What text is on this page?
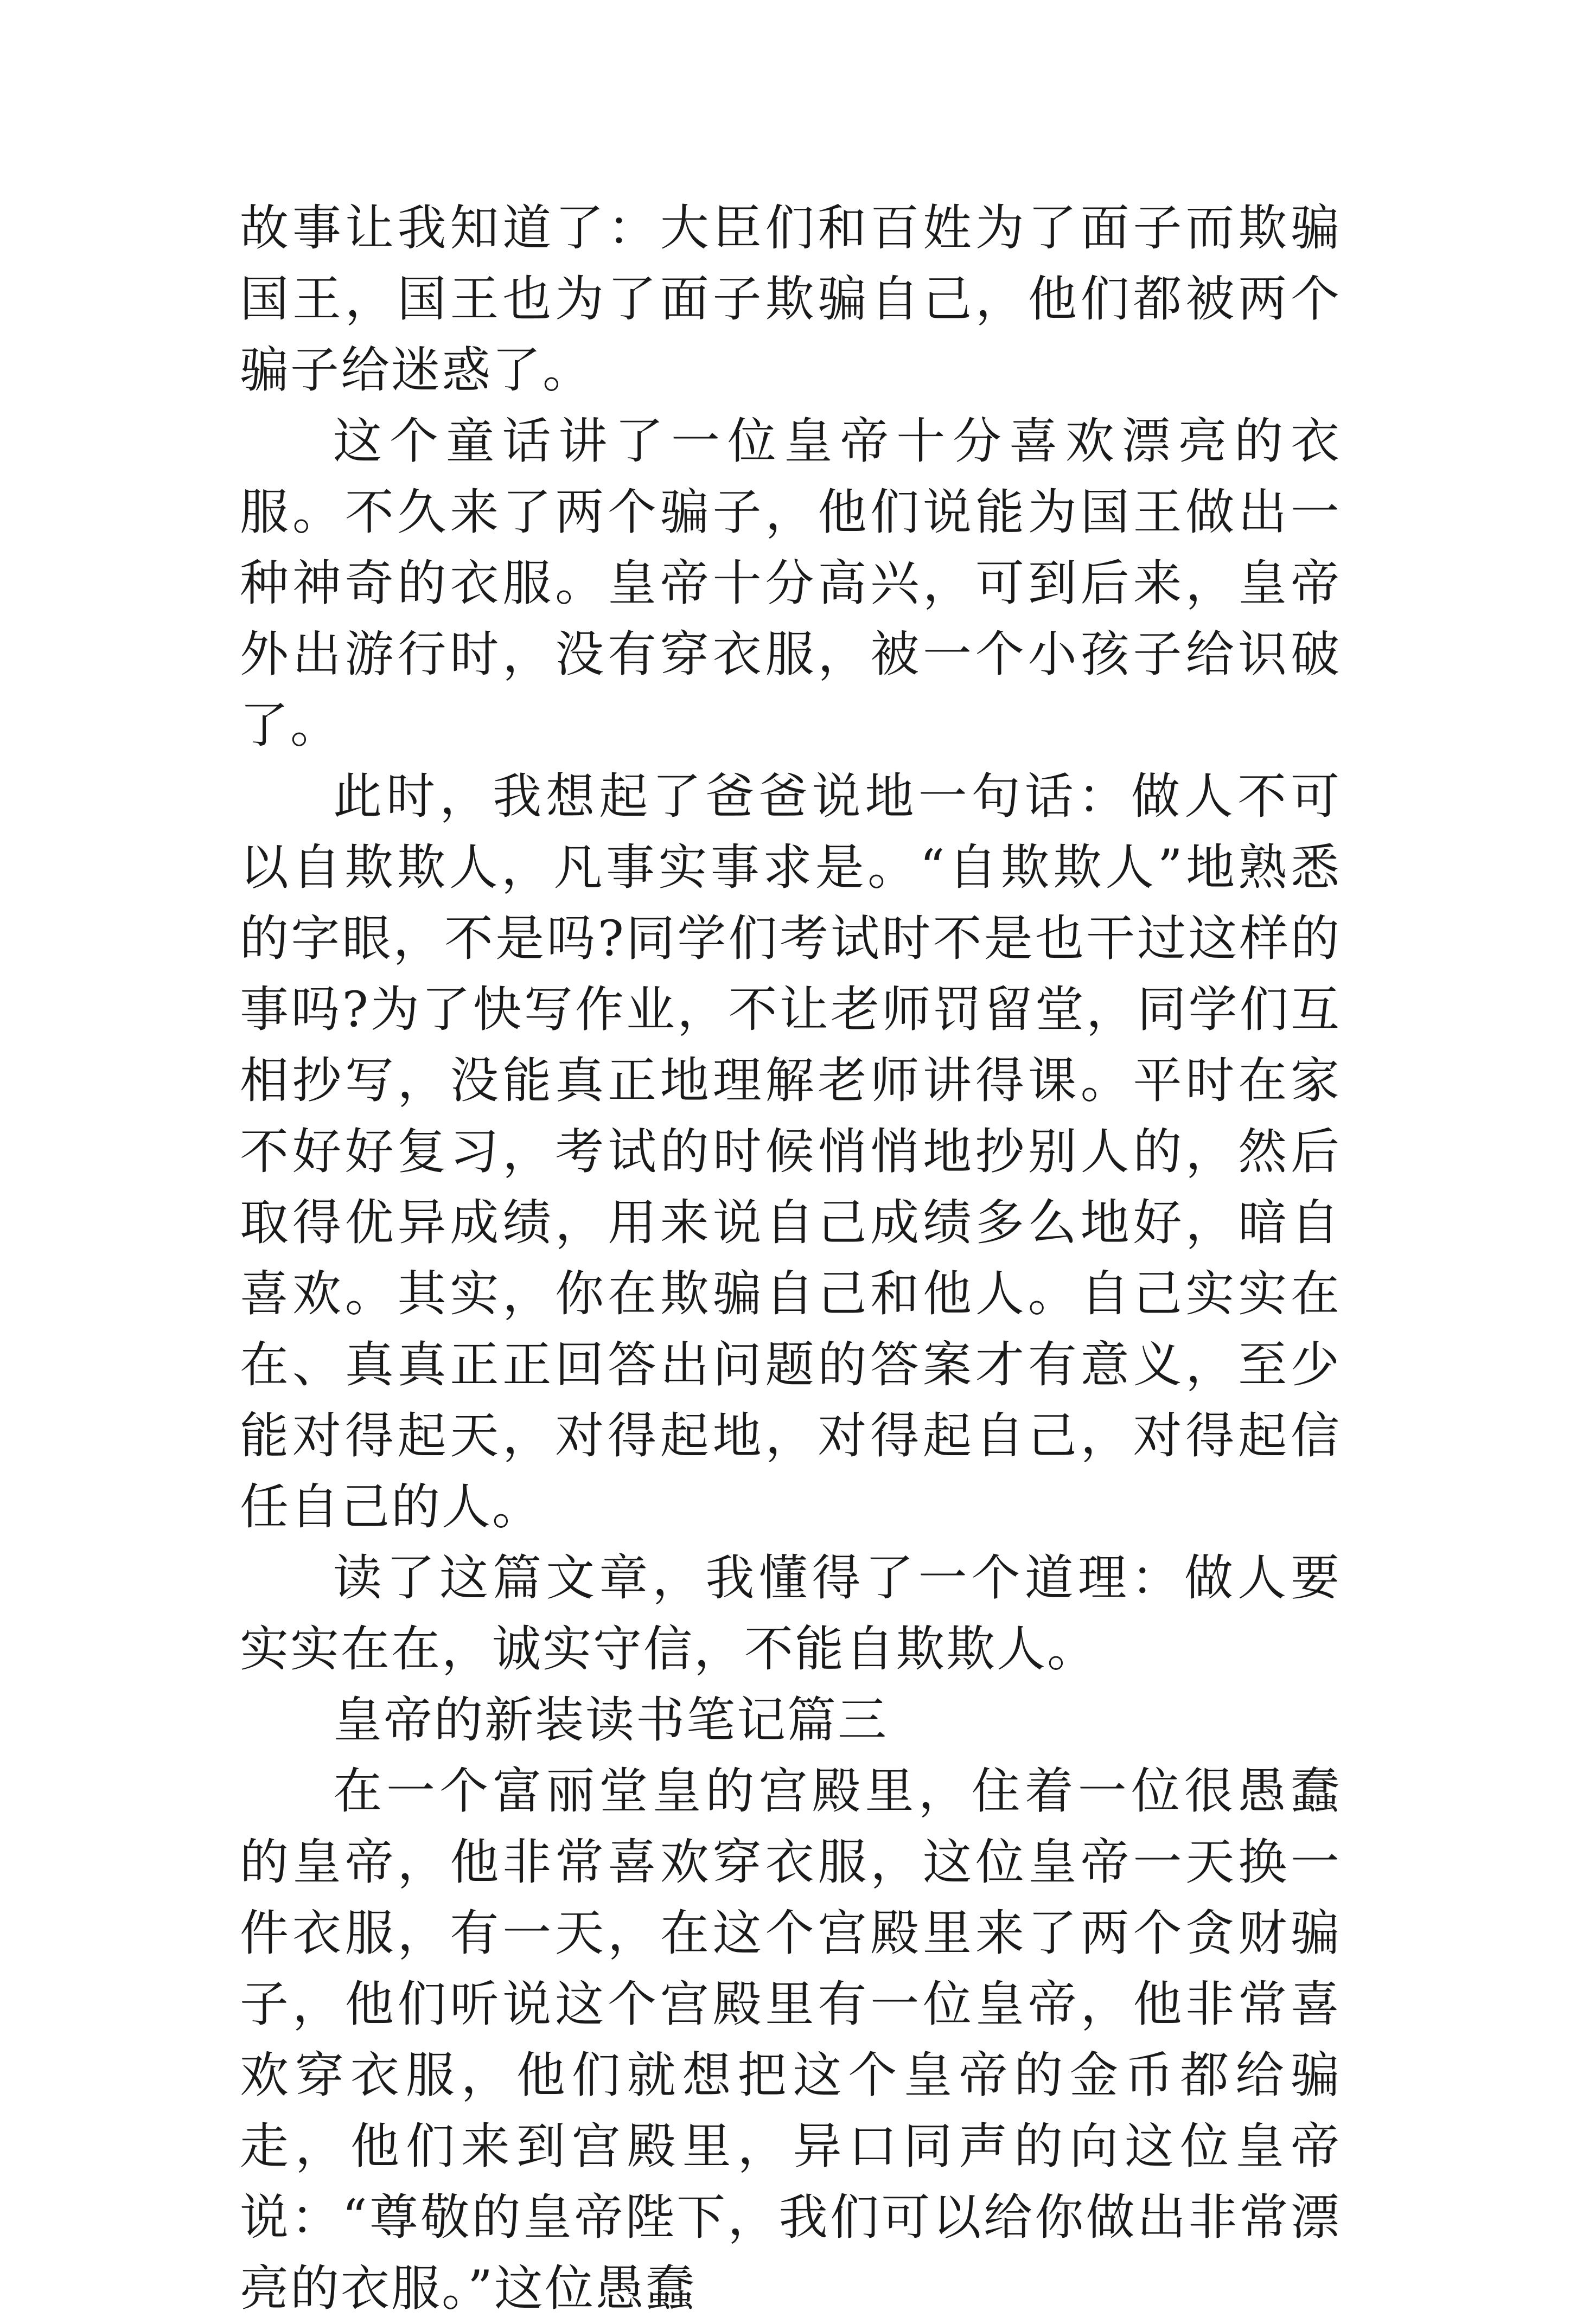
故事让我知道了：大臣们和百姓为了面子而欺骗国王，国王也为了面子欺骗自己，他们都被两个骗子给迷惑了。

这个童话讲了一位皇帝十分喜欢漂亮的衣服。不久来了两个骗子，他们说能为国王做出一种神奇的衣服。皇帝十分高兴，可到后来，皇帝外出游行时，没有穿衣服，被一个小孩子给识破了。

此时，我想起了爸爸说地一句话：做人不可以自欺欺人，凡事实事求是。“自欺欺人”地熟悉的字眼，不是吗?同学们考试时不是也干过这样的事吗?为了快写作业，不让老师罚留堂，同学们互相抄写，没能真正地理解老师讲得课。平时在家不好好复习，考试的时候悄悄地抄别人的，然后取得优异成绩，用来说自己成绩多么地好，暗自喜欢。其实，你在欺骗自己和他人。自己实实在在、真真正正回答出问题的答案才有意义，至少能对得起天，对得起地，对得起自己，对得起信任自己的人。

读了这篇文章，我懂得了一个道理：做人要实实在在，诚实守信，不能自欺欺人。

皇帝的新装读书笔记篇三

在一个富丽堂皇的宫殿里，住着一位很愚蠢的皇帝，他非常喜欢穿衣服，这位皇帝一天换一件衣服，有一天，在这个宫殿里来了两个贪财骗子，他们听说这个宫殿里有一位皇帝，他非常喜欢穿衣服，他们就想把这个皇帝的金币都给骗走，他们来到宫殿里，异口同声的向这位皇帝说：“尊敬的皇帝陛下，我们可以给你做出非常漂亮的衣服。”这位愚蠢
